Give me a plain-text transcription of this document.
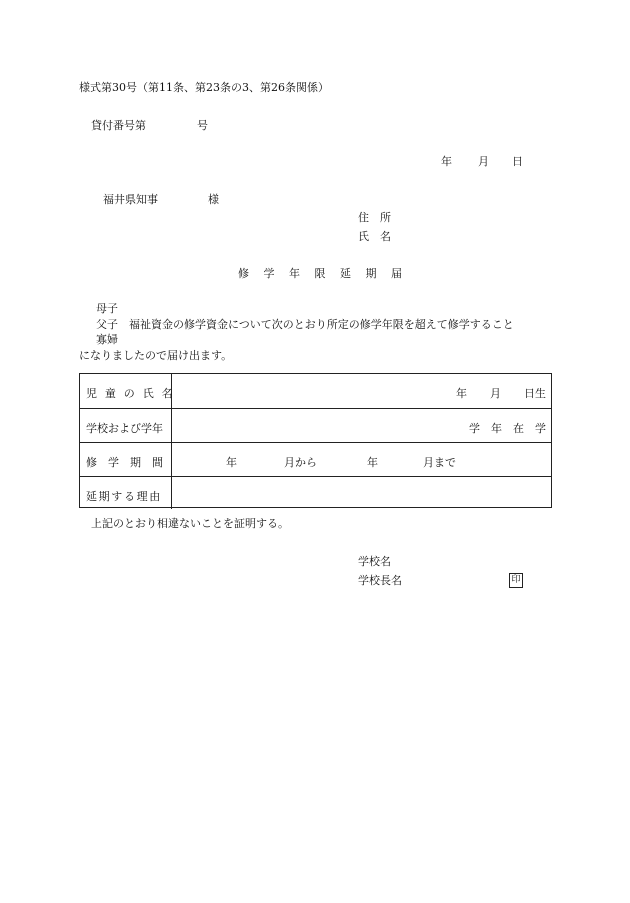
様式第30号（第11条、第23条の3、第26条関係）
貸付番号第	号
年 月 日
福井県知事	様
住　所
氏　名
修 学 年 限 延 期 届
母子
父子
寡婦
福祉資金の修学資金について次のとおり所定の修学年限を超えて修学すること
になりましたので届け出ます。
児 童 の 氏 名	年 月 日生
学校および学年	学 年 在 学
修　学　期　間	年	月から	年	月まで
延期する理由
上記のとおり相違ないことを証明する。
学校名
学校長名	印
